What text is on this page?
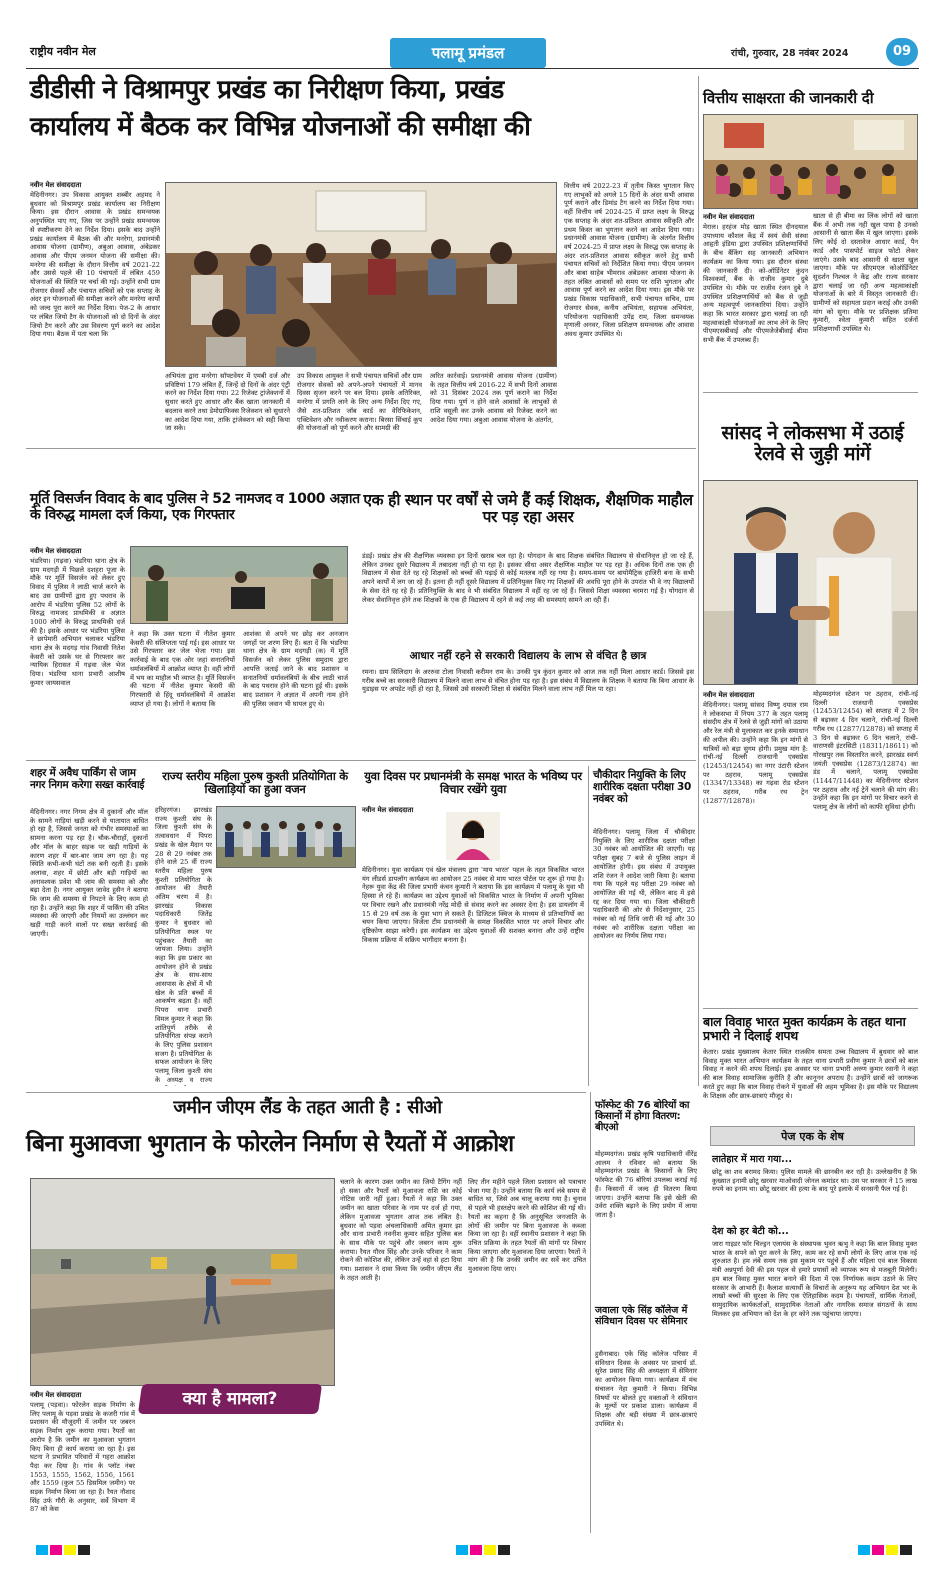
राष्ट्रीय नवीन मेल	पलामू प्रमंडल	रांची, गुरुवार, 28 नवंबर 2024	09
डीडीसी ने विश्रामपुर प्रखंड का निरीक्षण किया, प्रखंड
कार्यालय में बैठक कर विभिन्न योजनाओं की समीक्षा की
नवीन मेल संवाददाता
मेदिनीनगर। उप विकास आयुक्त शब्बीर अहमद ने बुधवार को विश्रामपुर प्रखंड कार्यालय का निरीक्षण किया। इस दौरान आवास के प्रखंड समन्वयक अनुपस्थित पाए गए, जिस पर उन्होंने प्रखंड समन्वयक से स्पष्टीकरण देने का निर्देश दिया। इसके बाद उन्होंने प्रखंड कार्यालय में बैठक की और मनरेगा, प्रधानमंत्री आवास योजना (ग्रामीण), अबुआ आवास, अंबेडकर आवास और पीएम जनमन योजना की समीक्षा की। मनरेगा की समीक्षा के दौरान वित्तीय वर्ष 2021-22 और उससे पहले की 10 पंचायतों में लंबित 459 योजनाओं की स्थिति पर चर्चा की गई। उन्होंने सभी ग्राम रोजगार सेवकों और पंचायत सचिवों को एक सप्ताह के अंदर इन योजनाओं की समीक्षा करने और मनरेगा कार्यों को जल्द पूरा करने का निर्देश दिया। पेज-2 के आधार पर लंबित जियो टैग के योजनाओं को दो दिनों के अंदर जियो टैग करने और उस विवरण पूर्ण करने का आदेश दिया गया। बैठक में पता चला कि
अभियंता द्वारा मनरेगा सॉफ्टवेयर में एमबी दर्ज और प्रविष्टियां 179 लंबित हैं, जिन्हें दो दिनों के अंदर एंट्री करने का निर्देश दिया गया। 22 रिजेक्ट ट्रांजेक्शनों में सुधार करते हुए आधार और बैंक खाता जानकारी में बदलाव करने तथा डेमोग्राफिक्स रिजेक्शन को सुधारने का आदेश दिया गया, ताकि ट्रांजेक्शन को सही किया जा सके।
उप विकास आयुक्त ने सभी पंचायत सचिवों और ग्राम रोजगार सेवकों को अपने-अपने पंचायतों में मानव दिवस सृजन करने पर बल दिया। इसके अतिरिक्त, मनरेगा में प्रगति लाने के लिए अन्य निर्देश दिए गए, जैसे शत-प्रतिशत जॉब कार्ड का वेरिफिकेशन, एक्टिवेशन और नवीकरण कराना। बिरसा सिंचाई कूप की योजनाओं को पूर्ण करने और सामग्री की
त्वरित कार्रवाई। प्रधानमंत्री आवास योजना (ग्रामीण) के तहत वित्तीय वर्ष 2016-22 में सभी दिनों आवास को 31 दिसंबर 2024 तक पूर्ण कराने का निर्देश दिया गया। पूर्ण न होने वाले आवासों के लाभुकों से राशि वसूली कर उनके आवास को रिजेक्ट करने का आदेश दिया गया। अबुआ आवास योजना के अंतर्गत,
वित्तीय वर्ष 2022-23 में तृतीय किस्त भुगतान किए गए लाभुकों को अगले 15 दिनों के अंदर सभी आवास पूर्ण कराने और डिमांड टैग करने का निर्देश दिया गया। वहीं वित्तीय वर्ष 2024-25 में प्राप्त लक्ष्य के विरुद्ध एक सप्ताह के अंदर शत-प्रतिशत आवास स्वीकृति और प्रथम किस्त का भुगतान करने का आदेश दिया गया। प्रधानमंत्री आवास योजना (ग्रामीण) के अंतर्गत वित्तीय वर्ष 2024-25 में प्राप्त लक्ष्य के विरुद्ध एक सप्ताह के अंदर शत-प्रतिशत आवास स्वीकृत करने हेतु सभी पंचायत सचिवों को निर्देशित किया गया। पीएम जनमन और बाबा साहेब भीमराव अंबेडकर आवास योजना के तहत लंबित आवासों को समय पर राशि भुगतान और आवास पूर्ण करने का आदेश दिया गया। इस मौके पर प्रखंड विकास पदाधिकारी, सभी पंचायत सचिव, ग्राम रोजगार सेवक, कनीय अभियंता, सहायक अभियंता, परियोजना पदाधिकारी उपेंद्र राम, जिला समन्वयक मृणाली अनवर, जिला प्रशिक्षण समन्वयक और आवास अवध कुमार उपस्थित थे।
वित्तीय साक्षरता की जानकारी दी
नवीन मेल संवाददाता
मेराल। हरहंज मोड़ खाता स्थित दीनदयाल उपाध्याय कौशल केंद्र में स्वयं सेवी संस्था आहृती इंडिया द्वारा उपस्थित प्रशिक्षणार्थियों के बीच बैंकिंग सह जानकारी अभियान कार्यक्रम का किया गया। इस दौरान संस्था की जानकारी दी। को-ऑर्डिनेटर कुंदन विश्वकर्मा, बैंक के राजीव कुमार दुबे उपस्थित थे। मौके पर राजीव रंजन दुबे ने उपस्थित प्रशिक्षणार्थियों को बैंक से जुड़ी अन्य महत्वपूर्ण जानकारियां दिया। उन्होंने कहा कि भारत सरकार द्वारा चलाई जा रही महत्वाकांक्षी योजनाओं का लाभ लेने के लिए पीएमएसबीवाई और पीएमजेजेबीवाई बीमा सभी बैंक में उपलब्ध हैं।
खाता से ही बीमा का लिंक लोगों को खाता बैंक में अभी तक नहीं खुल पाया है उनको आसानी से खाता बैंक में खुल जाएगा। इसके लिए कोई दो दस्तावेज आधार कार्ड, पैन कार्ड और पासपोर्ट साइज फोटो लेकर जाएंगे। उसके बाद आसानी से खाता खुल जाएगा। मौके पर सीएमएल कोऑर्डिनेटर सुदर्शन निश्चल ने केंद्र और राज्य सरकार द्वारा चलाई जा रही अन्य महत्वाकांक्षी योजनाओं के बारे में विस्तृत जानकारी दी। ग्रामीणों को सहायता प्रदान कराई और उनकी मांग को सुना। मौके पर प्रशिक्षक प्रतिमा कुमारी, श्वेता कुमारी सहित दर्जनों प्रशिक्षणार्थी उपस्थित थे।
सांसद ने लोकसभा में उठाई रेलवे से जुड़ी मांगें
नवीन मेल संवाददाता
मेदिनीनगर। पलामू सांसद विष्णु दयाल राम ने लोकसभा में नियम 377 के तहत पलामू संसदीय क्षेत्र में रेलवे से जुड़ी मांगों को उठाया और रेल मंत्री से मुलाकात कर इनके समाधान की अपील की। उन्होंने कहा कि इन मांगों से यात्रियों को बड़ा सुगम होगी। प्रमुख मांग है: रांची-नई दिल्ली राजधानी एक्सप्रेस (12453/12454) का नगर उंटारी स्टेशन पर ठहराव, पलामू एक्सप्रेस (13347/13348) का गढ़वा रोड स्टेशन पर ठहराव, गरीब रथ ट्रेन (12877/12878)।
मोहम्मदगंज स्टेशन पर ठहराव, रांची-नई दिल्ली राजधानी एक्सप्रेस (12453/12454) को सप्ताह में 2 दिन से बढ़ाकर 4 दिन चलाने, रांची-नई दिल्ली गरीब रथ (12877/12878) को सप्ताह में 3 दिन से बढ़ाकर 6 दिन चलाने, रांची-वाराणसी इंटरसिटी (18311/18611) को गोरखपुर तक विस्तारित करने, झारखंड स्वर्ण जयंती एक्सप्रेस (12873/12874) का डंड में चलाने, पलामू एक्सप्रेस (11447/11448) का मेदिनीनगर स्टेशन पर ठहराव और नई ट्रेनें चलाने की मांग की। उन्होंने कहा कि इन मांगों पर विचार करने से पलामू क्षेत्र के लोगों को काफी सुविधा होगी।
बाल विवाह भारत मुक्त कार्यक्रम के तहत थाना प्रभारी ने दिलाई शपथ
केतार। प्रखंड मुख्यालय केतार स्थित राजकीय समता उच्च विद्यालय में बुधवार को बाल विवाह मुक्त भारत अभियान कार्यक्रम के तहत थाना प्रभारी प्रवीण कुमार ने छात्रों को बाल विवाह न करने की शपथ दिलाई। इस अवसर पर थाना प्रभारी अरुण कुमार रवानी ने कहा की बाल विवाह सामाजिक कुरीति है और कानूनन अपराध है। उन्होंने छात्रों को जागरूक करते हुए कहा कि बाल विवाह रोकने में युवाओं की अहम भूमिका है। इस मौके पर विद्यालय के शिक्षक और छात्र-छात्राएं मौजूद थे।
पेज एक के शेष
लातेहार में मारा गया...
छोटू का शव बरामद किया। पुलिस मामले की छानबीन कर रही है। उल्लेखनीय है कि कुख्यात इनामी छोटू खरवार माओवादी जोनल कमांडर था। उस पर सरकार ने 15 लाख रुपये का इनाम था। छोटू खरवार की हत्या के बाद पूरे इलाके में सनसनी फैल गई है।
देश को हर बेटी को...
जारा गाइडर फॉर चिल्ड्रन एलायंस के संस्थापक भुवन ऋभु ने कहा कि बाल विवाह मुक्त भारत के सपने को पूरा करने के लिए, काम कर रहे सभी लोगों के लिए आज एक नई शुरुआत है। हम लंबे समय तक इस मुकाम पर पहुंचे हैं और महिला एवं बाल विकास मंत्री अन्नपूर्णा देवी की इस पहल से हमारे प्रयासों को व्यापक रूप से मजबूती मिलेगी। हम बाल विवाह मुक्त भारत बनाने की दिशा में एक निर्णायक कदम उठाने के लिए सरकार के आभारी हैं। कैलाश सत्यार्थी के विचारों के अनुरूप यह अभियान देश भर के लाखों बच्चों की सुरक्षा के लिए एक ऐतिहासिक कदम है। पंचायतों, धार्मिक नेताओं, सामुदायिक कार्यकर्ताओं, सामुदायिक नेताओं और नागरिक समाज संगठनों के साथ मिलकर इस अभियान को देश के हर कोने तक पहुंचाया जाएगा।
मूर्ति विसर्जन विवाद के बाद पुलिस ने 52 नामजद व 1000 अज्ञात के विरुद्ध मामला दर्ज किया, एक गिरफ्तार
नवीन मेल संवाददाता
भंडरिया। (गढ़वा) भंडरिया थाना क्षेत्र के ग्राम मदगड़ी में पिछले दशहरा पूजा के मौके पर मूर्ति विसर्जन को लेकर हुए विवाद में पुलिस ने लाठी चार्ज करने के बाद उस ग्रामीणों द्वारा हुए पथराव के आरोप में भंडरिया पुलिस 52 लोगों के विरुद्ध नामजद प्राथमिकी व अज्ञात 1000 लोगों के विरुद्ध प्राथमिकी दर्ज की है। इसके आधार पर भंडरिया पुलिस ने छापेमारी अभियान चलाकर भंडरिया थाना क्षेत्र के मदगड़ गांव निवासी नितेश केसरी को उसके घर से गिरफ्तार कर न्यायिक हिरासत में गढ़वा जेल भेज दिया। भंडरिया थाना प्रभारी आशीष कुमार जायसवाल
ने कहा कि उक्त घटना में नीतेश कुमार केसरी की संलिप्तता पाई गई। इस आधार पर उसे गिरफ्तार कर जेल भेजा गया। इस कार्रवाई के बाद एक ओर जहां सनातनियों धर्मावलंबियों में आक्रोश व्याप्त है। वहीं लोगों में भय का माहौल भी व्याप्त है। मूर्ति विसर्जन की घटना में नीतेश कुमार केसरी की गिरफ्तारी से हिंदू धर्मावलंबियों में आक्रोश व्याप्त हो गया है। लोगों ने बताया कि
आशंका से अपने घर छोड़ कर अनजान जगहों पर शरण लिए हैं। बता दें कि भंडरिया थाना क्षेत्र के ग्राम मदगड़ी (क) में मूर्ति विसर्जन को लेकर पुलिस समुदाय द्वारा आपत्ति जताई जाने के बाद प्रशासन व सनातनियों धर्मावलंबियों के बीच लाठी चार्ज के बाद पथराव होने की घटना हुई थी। इसके बाद प्रशासन ने अज्ञात में अपनी नाम होने की पुलिस जवान भी घायल हुए थे।
एक ही स्थान पर वर्षों से जमे हैं कई शिक्षक, शैक्षणिक माहौल पर पड़ रहा असर
डंडई। प्रखंड क्षेत्र की शैक्षणिक व्यवस्था इन दिनों खराब चल रहा है। योगदान के बाद शिक्षक संबंधित विद्यालय से सेवानिवृत्त हो जा रहे हैं, लेकिन उनका दूसरे विद्यालय में तबादला नहीं हो पा रहा है। इसका सीधा असर शैक्षणिक माहौल पर पड़ रहा है। अधिक दिनों तक एक ही विद्यालय में सेवा देते रह रहे शिक्षकों को बच्चों की पढ़ाई से कोई मतलब नहीं रह गया है। समय-समय पर बायोमैट्रिक हाजिरी बना के सभी अपने कार्यों में लग जा रहे हैं। इतना ही नहीं दूसरे विद्यालय में प्रतिनियुक्त किए गए शिक्षकों की अवधि पूरा होने के उपरांत भी वे नए विद्यालयों के सेवा देते रह रहे हैं। प्रतिनियुक्ति के बाद वे भी संबंधित विद्यालय में वहीं रह जा रहे हैं। जिससे शिक्षा व्यवस्था चरमरा गई है। योगदान से लेकर सेवानिवृत्त होने तक शिक्षकों के एक ही विद्यालय में रहने से कई तरह की समस्याएं सामने आ रही हैं।
आधार नहीं रहने से सरकारी विद्यालय के लाभ से वंचित है छात्र
रमना। ग्राम सिलिदाग के अररुवा टोला निवासी करीमन राम के। उनकी पुत्र कुंदन कुमार को आज तक नहीं मिला आधार कार्ड। जिससे इस गरीब बच्चे का सरकारी विद्यालय में मिलने वाला लाभ से वंचित होना पड़ रहा है। इस संबंध में विद्यालय के शिक्षक ने बताया कि बिना आधार के युडाइस पर अपडेट नहीं हो रहा है, जिससे उसे सरकारी शिक्षा से संबंधित मिलने वाला लाभ नहीं मिल पा रहा।
शहर में अवैध पार्किंग से जाम नगर निगम करेगा सख्त कार्रवाई
मेदिनीनगर। नगर निगम क्षेत्र में दुकानों और मॉल के सामने गाड़ियां खड़ी करने से यातायात बाधित हो रहा है, जिससे जनता को गंभीर समस्याओं का सामना करना पड़ रहा है। चौक-चौराहों, दुकानों और मॉल के बाहर सड़क पर खड़ी गाड़ियों के कारण शहर में बार-बार जाम लग रहा है। यह स्थिति कभी-कभी घंटों तक बनी रहती है। इसके अलावा, शहर में छोटी और बड़ी गाड़ियों का अनावश्यक प्रवेश भी जाम की समस्या को और बढ़ा देता है। नगर आयुक्त जावेद हुसैन ने बताया कि जाम की समस्या से निपटने के लिए काम हो रहा है। उन्होंने कहा कि शहर में पार्किंग की उचित व्यवस्था की जाएगी और नियमों का उल्लंघन कर खड़ी गाड़ी करने वालों पर सख्त कार्रवाई की जाएगी।
राज्य स्तरीय महिला पुरुष कुश्ती प्रतियोगिता के खिलाड़ियों का हुआ वजन
हरिहरगंज। झारखंड राज्य कुश्ती संघ के जिला कुश्ती संघ के तत्वावधान में पिपरा प्रखंड के खेल मैदान पर 28 से 29 नवंबर तक होने वाले 25 वीं राज्य स्तरीय महिला पुरुष कुश्ती प्रतियोगिता के आयोजन की तैयारी अंतिम चरण में है। झारखंड विकास पदाधिकारी जितेंद्र कुमार ने बुधवार को प्रतियोगिता स्थल पर पहुंचकर तैयारी का जायजा लिया। उन्होंने कहा कि इस प्रकार का आयोजन होने से प्रखंड क्षेत्र के साथ-साथ आसपास के क्षेत्रों में भी खेल के प्रति बच्चों में आकर्षण बढ़ता है। वहीं पिपरा थाना प्रभारी विमल कुमार ने कहा कि शांतिपूर्ण तरीके से प्रतियोगिता संपन्न कराने के लिए पुलिस प्रशासन सजग है। प्रतियोगिता के सफल आयोजन के लिए पलामू जिला कुश्ती संघ के अध्यक्ष व राज्य
युवा दिवस पर प्रधानमंत्री के समक्ष भारत के भविष्य पर विचार रखेंगे युवा
नवीन मेल संवाददाता
मेदिनीनगर। युवा कार्यक्रम एवं खेल मंत्रालय द्वारा 'माय भारत' पहल के तहत विकसित भारत यंग लीडर्स डायलॉग कार्यक्रम का आयोजन 25 नवंबर से माय भारत पोर्टल पर शुरू हो गया है। नेहरू युवा केंद्र की जिला प्रभारी कंचन कुमारी ने बताया कि इस कार्यक्रम में पलामू के युवा भी हिस्सा ले रहे हैं। कार्यक्रम का उद्देश्य युवाओं को विकसित भारत के निर्माण में अपनी भूमिका पर विचार रखने और प्रधानमंत्री नरेंद्र मोदी से संवाद करने का अवसर देना है। इस डायलॉग में 15 से 29 वर्ष तक के युवा भाग ले सकते हैं। डिजिटल क्विज के माध्यम से प्रतिभागियों का चयन किया जाएगा। विजेता टीम प्रधानमंत्री के समक्ष विकसित भारत पर अपने विचार और दृष्टिकोण साझा करेगी। इस कार्यक्रम का उद्देश्य युवाओं की सशक्त बनाना और उन्हें राष्ट्रीय विकास प्रक्रिया में सक्रिय भागीदार बनाना है।
चौकीदार नियुक्ति के लिए शारीरिक दक्षता परीक्षा 30 नवंबर को
मेदिनीनगर। पलामू जिला में चौकीदार नियुक्ति के लिए शारीरिक दक्षता परीक्षा 30 नवंबर को आयोजित की जाएगी। यह परीक्षा सुबह 7 बजे से पुलिस लाइन में आयोजित होगी। इस संबंध में उपायुक्त शशि रंजन ने आदेश जारी किया है। बताया गया कि पहले यह परीक्षा 29 नवंबर को आयोजित की गई थी, लेकिन बाद में इसे रद्द कर दिया गया था। जिला चौकीदारी पदाधिकारी की ओर से निर्देशानुसार, 25 नवंबर को नई तिथि जारी की गई और 30 नवंबर को शारीरिक दक्षता परीक्षा का आयोजन का निर्णय लिया गया।
जमीन जीएम लैंड के तहत आती है : सीओ
बिना मुआवजा भुगतान के फोरलेन निर्माण से रैयतों में आक्रोश
क्या है मामला?
नवीन मेल संवाददाता
पलामू (पड़वा)। फोरलेन सड़क निर्माण के लिए पलामू के पड़वा प्रखंड के कजरी गांव में प्रशासन की मौजूदगी में जमीन पर जबरन सड़क निर्माण शुरू कराया गया। रैयतों का आरोप है कि जमीन का मुआवजा भुगतान किए बिना ही कार्य कराया जा रहा है। इस घटना ने प्रभावित परिवारों में गहरा आक्रोश पैदा कर दिया है। गांव के प्लॉट नंबर 1553, 1555, 1562, 1556, 1561 और 1559 (कुल 55 डिसमिल जमीन) पर सड़क निर्माण किया जा रहा है। रैयत नौशाद सिंह उर्फ गौरी के अनुसार, सर्वे विभाग में 87 को केस
चलाने के कारण उक्त जमीन का जियो टैगिंग नहीं हो सका और रैयतों को मुआवजा राशि का कोई नोटिस जारी नहीं हुआ। रैयतों ने कहा कि उक्त जमीन का खाता परिवार के नाम पर दर्ज हो गया, लेकिन मुआवजा भुगतान आज तक लंबित है। बुधवार को पड़वा अंचलाधिकारी अमित कुमार झा और थाना प्रभारी नवनीश कुमार सहित पुलिस बल के साथ मौके पर पहुंचे और जबरन काम शुरू कराया। रैयत गौरव सिंह और उनके परिवार ने काम रोकने की कोशिश की, लेकिन उन्हें वहां से हटा दिया गया। प्रशासन ने दावा किया कि जमीन जीएम लैंड के तहत आती है।
लिए तीन महीने पहले जिला प्रशासन को पत्राचार भेजा गया है। उन्होंने बताया कि कार्य लंबे समय से बाधित था, जिसे अब चालू कराया गया है। चुनाव से पहले भी हस्तक्षेप करने की कोशिश की गई थी। रैयतों का कहना है कि अनुसूचित जनजाति के लोगों की जमीन पर बिना मुआवजा के कब्जा किया जा रहा है। वहीं स्थानीय प्रशासन ने कहा कि उचित प्रक्रिया के तहत रैयतों की मांगों पर विचार किया जाएगा और मुआवजा दिया जाएगा। रैयतों ने मांग की है कि उनकी जमीन का सर्वे कर उचित मुआवजा दिया जाए।
फॉस्फेट की 76 बोरियों का किसानों में होगा वितरण: बीएओ
मोहम्मदगंज। प्रखंड कृषि पदाधिकारी वीरेंद्र आलम ने रविवार को बताया कि मोहम्मदगंज प्रखंड के किसानों के लिए फॉस्फेट की 76 बोरियां उपलब्ध कराई गई हैं। किसानों में जल्द ही वितरण किया जाएगा। उन्होंने बताया कि इसे खेती की उर्वरा शक्ति बढ़ाने के लिए प्रयोग में लाया जाता है।
जवाला एके सिंह कॉलेज में संविधान दिवस पर सेमिनार
हुसैनाबाद। एके सिंह कॉलेज परिसर में संविधान दिवस के अवसर पर प्राचार्य डॉ. सुरेश प्रसाद सिंह की अध्यक्षता में सेमिनार का आयोजन किया गया। कार्यक्रम में मंच संचालन नेहा कुमारी ने किया। विभिन्न विषयों पर बोलते हुए वक्ताओं ने संविधान के मूल्यों पर प्रकाश डाला। कार्यक्रम में शिक्षक और बड़ी संख्या में छात्र-छात्राएं उपस्थित थे।
